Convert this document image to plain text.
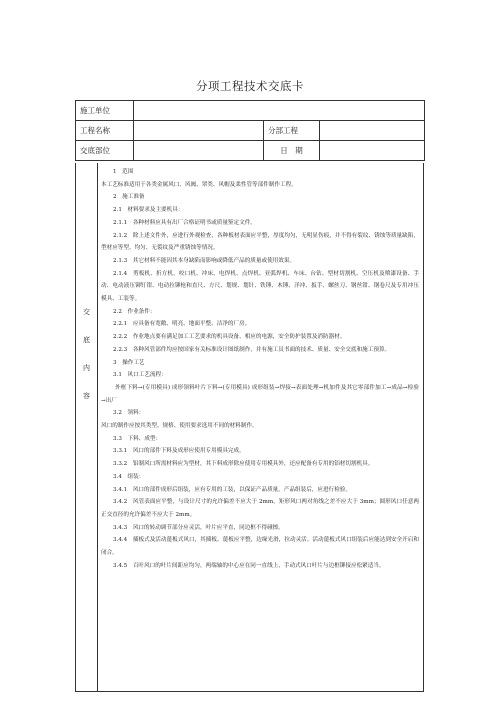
分项工程技术交底卡
施工单位			
工程名称		分部工程	
交底部位		日　期	
交
底
内
容

1　范围

本工艺标准适用于各类金属风口、风阀、罩类、风帽及柔性管等部件制作工程。

2　施工准备

2.1　材料要求及主要机具：

2.1.1　各种材料应具有出厂合格证明书或质量鉴定文件。

2.1.2　除上述文件外，应进行外观检查，各种板材表面应平整，厚度均匀，无明显伤痕，并不得有裂纹、锈蚀等质量缺陷，型材应等型、均匀、无裂纹及严重锈蚀等情况。

2.1.3　其它材料不能因其本身缺陷而影响或降低产品的质量或使用效果。

2.1.4　剪板机、折方机、咬口机、冲床、电焊机、点焊机、亚弧焊机、车床、台钻、型材切割机、空压机及喷漆设备、手动、电动液压铆钉钳、电动拉铆枪和直尺、方尺、划规、划针、铁锤、木锤、洋冲、扳手、螺丝刀、钢丝钳、钢卷尺及专用冲压模具、工装等。

2.2　作业条件：

2.2.1　应具备有宽敞、明亮、地面平整、洁净的厂房。

2.2.2　作业地点要有满足加工工艺要求的机具设备、相应的电源，安全防护装置及消防器材。

2.2.3　各种风管部件均应按国家有关标准设计图纸制作，并有施工员书面的技术、质量、安全交底和施工预算。

3　操作工艺

3.1　风口工艺流程：

外框下料→(专用模具) 成形领料叶片下料→(专用模具) 成形组装→焊接→表面处理→机加件及其它零部件加工→成品→检验　→出厂

3.2　领料：

风口的制作应按其类型、规格、使用要求选用不同的材料制作。

3.3　下料、成型：

3.3.1　风口的部件下料及成形应使用专用模具完成。

3.3.2　铝制风口所需材料应为型材，其下料成形除应使用专用模具外，还应配备有专用的铝材切割机具。

3.4　组装：

3.4.1　风口的部件成形后组装，应有专用的工装，以保证产品质量。产品组装后，应进行检验。

3.4.2　风管表面应平整，与设计尺寸的允许偏差不应大于 2mm，矩形风口两对角线之差不应大于 3mm；圆形风口任意两正交直径的允许偏差不应大于 2mm。

3.4.3　风口的转动调节部分应灵活，叶片应平直，同边框不得碰擦。

3.4.4　插板式及活动蓖板式风口，其插板、蓖板应平整，边缘光滑，拉动灵活。活动蓖板式风口组装后应能达到安全开启和闭合。

3.4.5　百叶风口的叶片间距应均匀，两端轴的中心应在同一直线上，手动式风口叶片与边框铆接应松紧适当。
